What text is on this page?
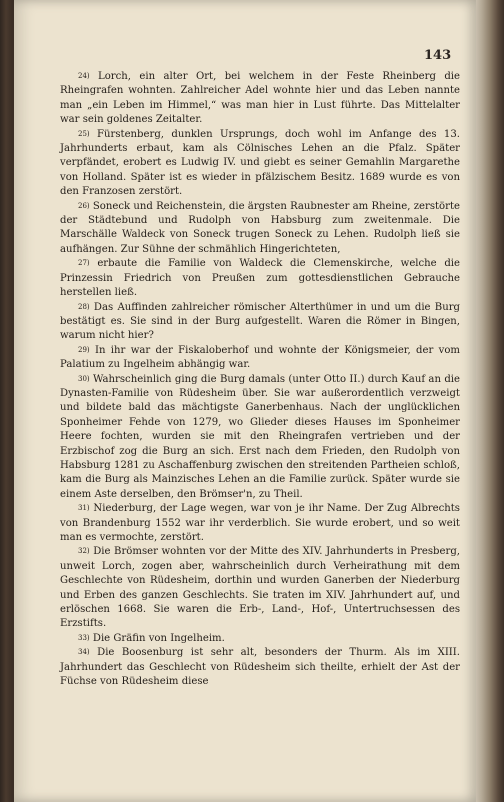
143

$^{24)}$ Lorch, ein alter Ort, bei welchem in der Feste Rheinberg die Rheingrafen wohnten. Zahlreicher Adel wohnte hier und das Leben nannte man „ein Leben im Himmel,“ was man hier in Lust führte. Das Mittelalter war sein goldenes Zeitalter.

$^{25)}$ Fürstenberg, dunklen Ursprungs, doch wohl im Anfange des 13. Jahrhunderts erbaut, kam als Cölnisches Lehen an die Pfalz. Später verpfändet, erobert es Ludwig IV. und giebt es seiner Gemahlin Margarethe von Holland. Später ist es wieder in pfälzischem Besitz. 1689 wurde es von den Franzosen zerstört.

$^{26)}$ Soneck und Reichenstein, die ärgsten Raubnester am Rheine, zerstörte der Städtebund und Rudolph von Habsburg zum zweitenmale. Die Marschälle Waldeck von Soneck trugen Soneck zu Lehen. Rudolph ließ sie aufhängen. Zur Sühne der schmählich Hingerichteten,

$^{27)}$ erbaute die Familie von Waldeck die Clemenskirche, welche die Prinzessin Friedrich von Preußen zum gottesdienstlichen Gebrauche herstellen ließ.

$^{28)}$ Das Auffinden zahlreicher römischer Alterthümer in und um die Burg bestätigt es. Sie sind in der Burg aufgestellt. Waren die Römer in Bingen, warum nicht hier?

$^{29)}$ In ihr war der Fiskaloberhof und wohnte der Königsmeier, der vom Palatium zu Ingelheim abhängig war.

$^{30)}$ Wahrscheinlich ging die Burg damals (unter Otto II.) durch Kauf an die Dynasten-Familie von Rüdesheim über. Sie war außerordentlich verzweigt und bildete bald das mächtigste Ganerbenhaus. Nach der unglücklichen Sponheimer Fehde von 1279, wo Glieder dieses Hauses im Sponheimer Heere fochten, wurden sie mit den Rheingrafen vertrieben und der Erzbischof zog die Burg an sich. Erst nach dem Frieden, den Rudolph von Habsburg 1281 zu Aschaffenburg zwischen den streitenden Partheien schloß, kam die Burg als Mainzisches Lehen an die Familie zurück. Später wurde sie einem Aste derselben, den Brömser'n, zu Theil.

$^{31)}$ Niederburg, der Lage wegen, war von je ihr Name. Der Zug Albrechts von Brandenburg 1552 war ihr verderblich. Sie wurde erobert, und so weit man es vermochte, zerstört.

$^{32)}$ Die Brömser wohnten vor der Mitte des XIV. Jahrhunderts in Presberg, unweit Lorch, zogen aber, wahrscheinlich durch Verheirathung mit dem Geschlechte von Rüdesheim, dorthin und wurden Ganerben der Niederburg und Erben des ganzen Geschlechts. Sie traten im XIV. Jahrhundert auf, und erlöschen 1668. Sie waren die Erb-, Land-, Hof-, Untertruchsessen des Erzstifts.

$^{33)}$ Die Gräfin von Ingelheim.

$^{34)}$ Die Boosenburg ist sehr alt, besonders der Thurm. Als im XIII. Jahrhundert das Geschlecht von Rüdesheim sich theilte, erhielt der Ast der Füchse von Rüdesheim diese
